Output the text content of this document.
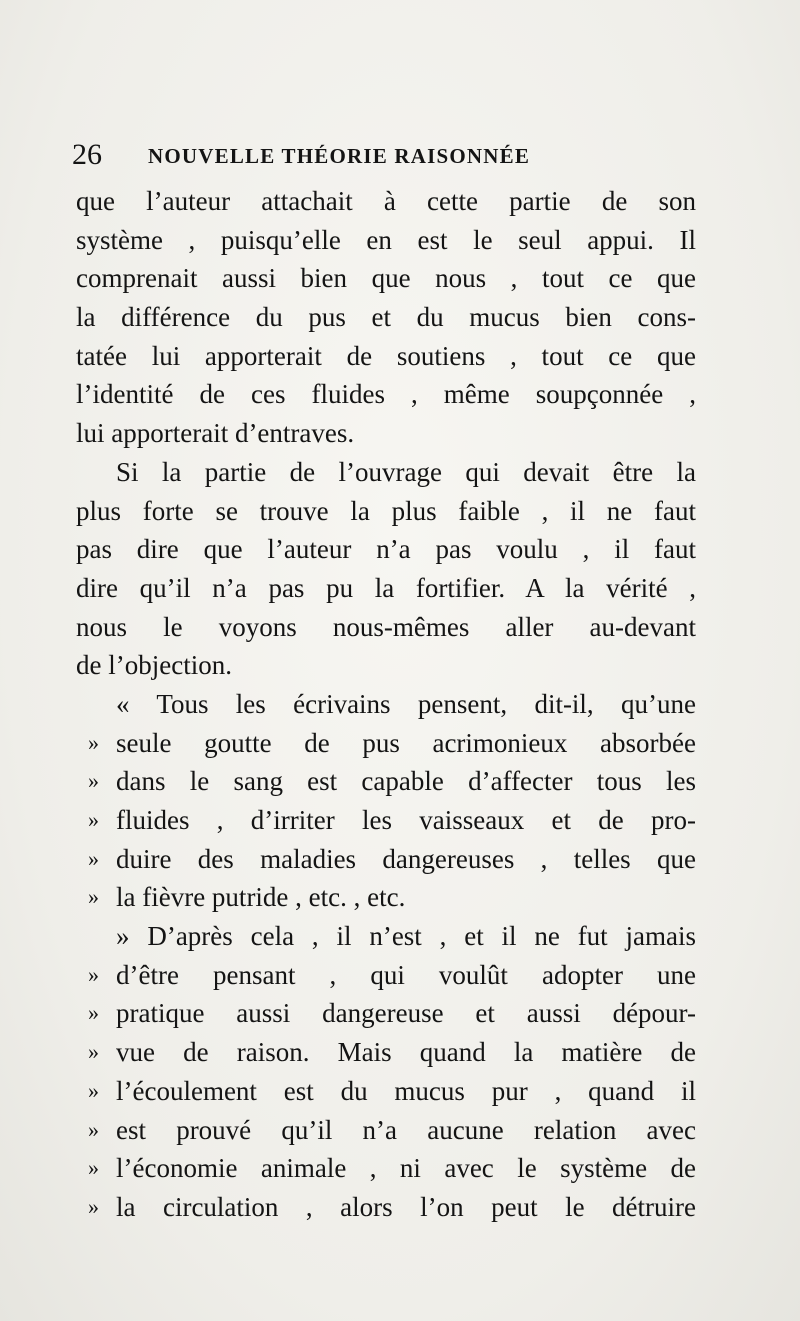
26 NOUVELLE THÉORIE RAISONNÉE
que l’auteur attachait à cette partie de son
système , puisqu’elle en est le seul appui. Il
comprenait aussi bien que nous , tout ce que
la différence du pus et du mucus bien cons-
tatée lui apporterait de soutiens , tout ce que
l’identité de ces fluides , même soupçonnée ,
lui apporterait d’entraves.
Si la partie de l’ouvrage qui devait être la
plus forte se trouve la plus faible , il ne faut
pas dire que l’auteur n’a pas voulu , il faut
dire qu’il n’a pas pu la fortifier. A la vérité ,
nous le voyons nous-mêmes aller au-devant
de l’objection.
« Tous les écrivains pensent, dit-il, qu’une
» seule goutte de pus acrimonieux absorbée
» dans le sang est capable d’affecter tous les
» fluides , d’irriter les vaisseaux et de pro-
» duire des maladies dangereuses , telles que
» la fièvre putride , etc. , etc.
» D’après cela , il n’est , et il ne fut jamais
» d’être pensant , qui voulût adopter une
» pratique aussi dangereuse et aussi dépour-
» vue de raison. Mais quand la matière de
» l’écoulement est du mucus pur , quand il
» est prouvé qu’il n’a aucune relation avec
» l’économie animale , ni avec le système de
» la circulation , alors l’on peut le détruire
